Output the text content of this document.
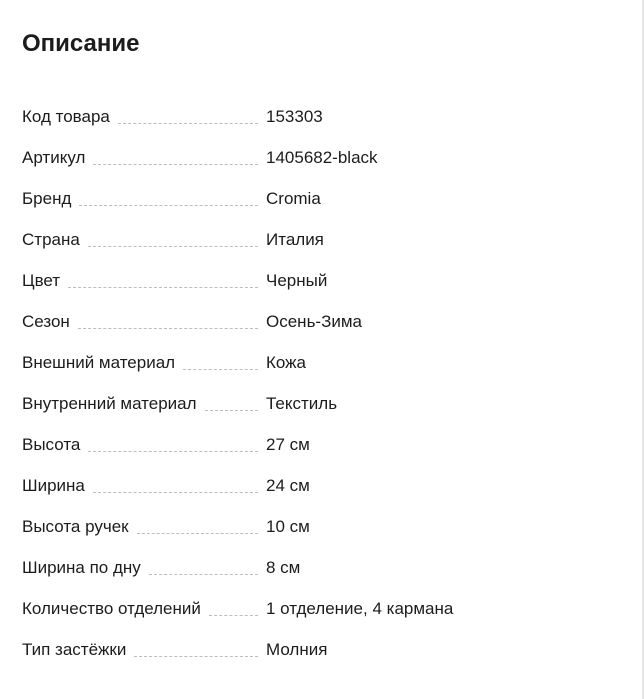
Описание
Код товара	153303
Артикул	1405682-black
Бренд	Cromia
Страна	Италия
Цвет	Черный
Сезон	Осень-Зима
Внешний материал	Кожа
Внутренний материал	Текстиль
Высота	27 см
Ширина	24 см
Высота ручек	10 см
Ширина по дну	8 см
Количество отделений	1 отделение, 4 кармана
Тип застёжки	Молния
